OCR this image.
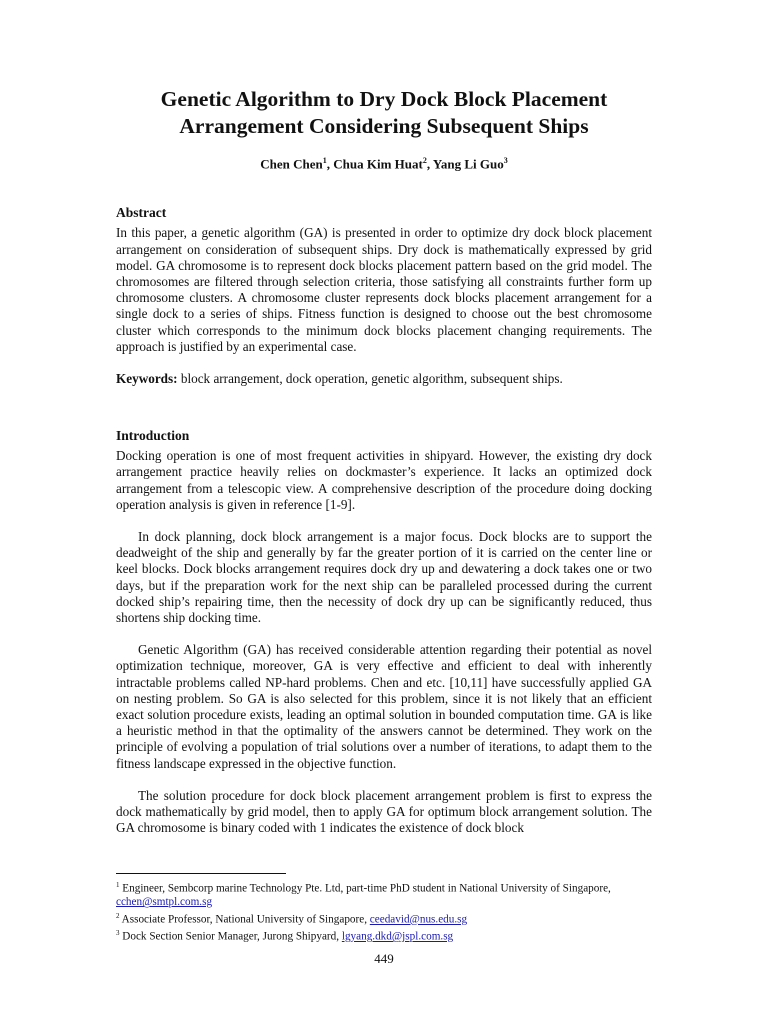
Genetic Algorithm to Dry Dock Block Placement
Arrangement Considering Subsequent Ships
Chen Chen$^1$, Chua Kim Huat$^2$, Yang Li Guo$^3$
Abstract

In this paper, a genetic algorithm (GA) is presented in order to optimize dry dock block placement arrangement on consideration of subsequent ships. Dry dock is mathematically expressed by grid model. GA chromosome is to represent dock blocks placement pattern based on the grid model. The chromosomes are filtered through selection criteria, those satisfying all constraints further form up chromosome clusters. A chromosome cluster represents dock blocks placement arrangement for a single dock to a series of ships. Fitness function is designed to choose out the best chromosome cluster which corresponds to the minimum dock blocks placement changing requirements. The approach is justified by an experimental case.

Keywords: block arrangement, dock operation, genetic algorithm, subsequent ships.

Introduction

Docking operation is one of most frequent activities in shipyard. However, the existing dry dock arrangement practice heavily relies on dockmaster’s experience. It lacks an optimized dock arrangement from a telescopic view. A comprehensive description of the procedure doing docking operation analysis is given in reference [1-9].

In dock planning, dock block arrangement is a major focus. Dock blocks are to support the deadweight of the ship and generally by far the greater portion of it is carried on the center line or keel blocks. Dock blocks arrangement requires dock dry up and dewatering a dock takes one or two days, but if the preparation work for the next ship can be paralleled processed during the current docked ship’s repairing time, then the necessity of dock dry up can be significantly reduced, thus shortens ship docking time.

Genetic Algorithm (GA) has received considerable attention regarding their potential as novel optimization technique, moreover, GA is very effective and efficient to deal with inherently intractable problems called NP-hard problems. Chen and etc. [10,11] have successfully applied GA on nesting problem. So GA is also selected for this problem, since it is not likely that an efficient exact solution procedure exists, leading an optimal solution in bounded computation time. GA is like a heuristic method in that the optimality of the answers cannot be determined. They work on the principle of evolving a population of trial solutions over a number of iterations, to adapt them to the fitness landscape expressed in the objective function.

The solution procedure for dock block placement arrangement problem is first to express the dock mathematically by grid model, then to apply GA for optimum block arrangement solution. The GA chromosome is binary coded with 1 indicates the existence of dock block

$^1$ Engineer, Sembcorp marine Technology Pte. Ltd, part-time PhD student in National University of Singapore, cchen@smtpl.com.sg

$^2$ Associate Professor, National University of Singapore, ceedavid@nus.edu.sg

$^3$ Dock Section Senior Manager, Jurong Shipyard, lgyang.dkd@jspl.com.sg

449
